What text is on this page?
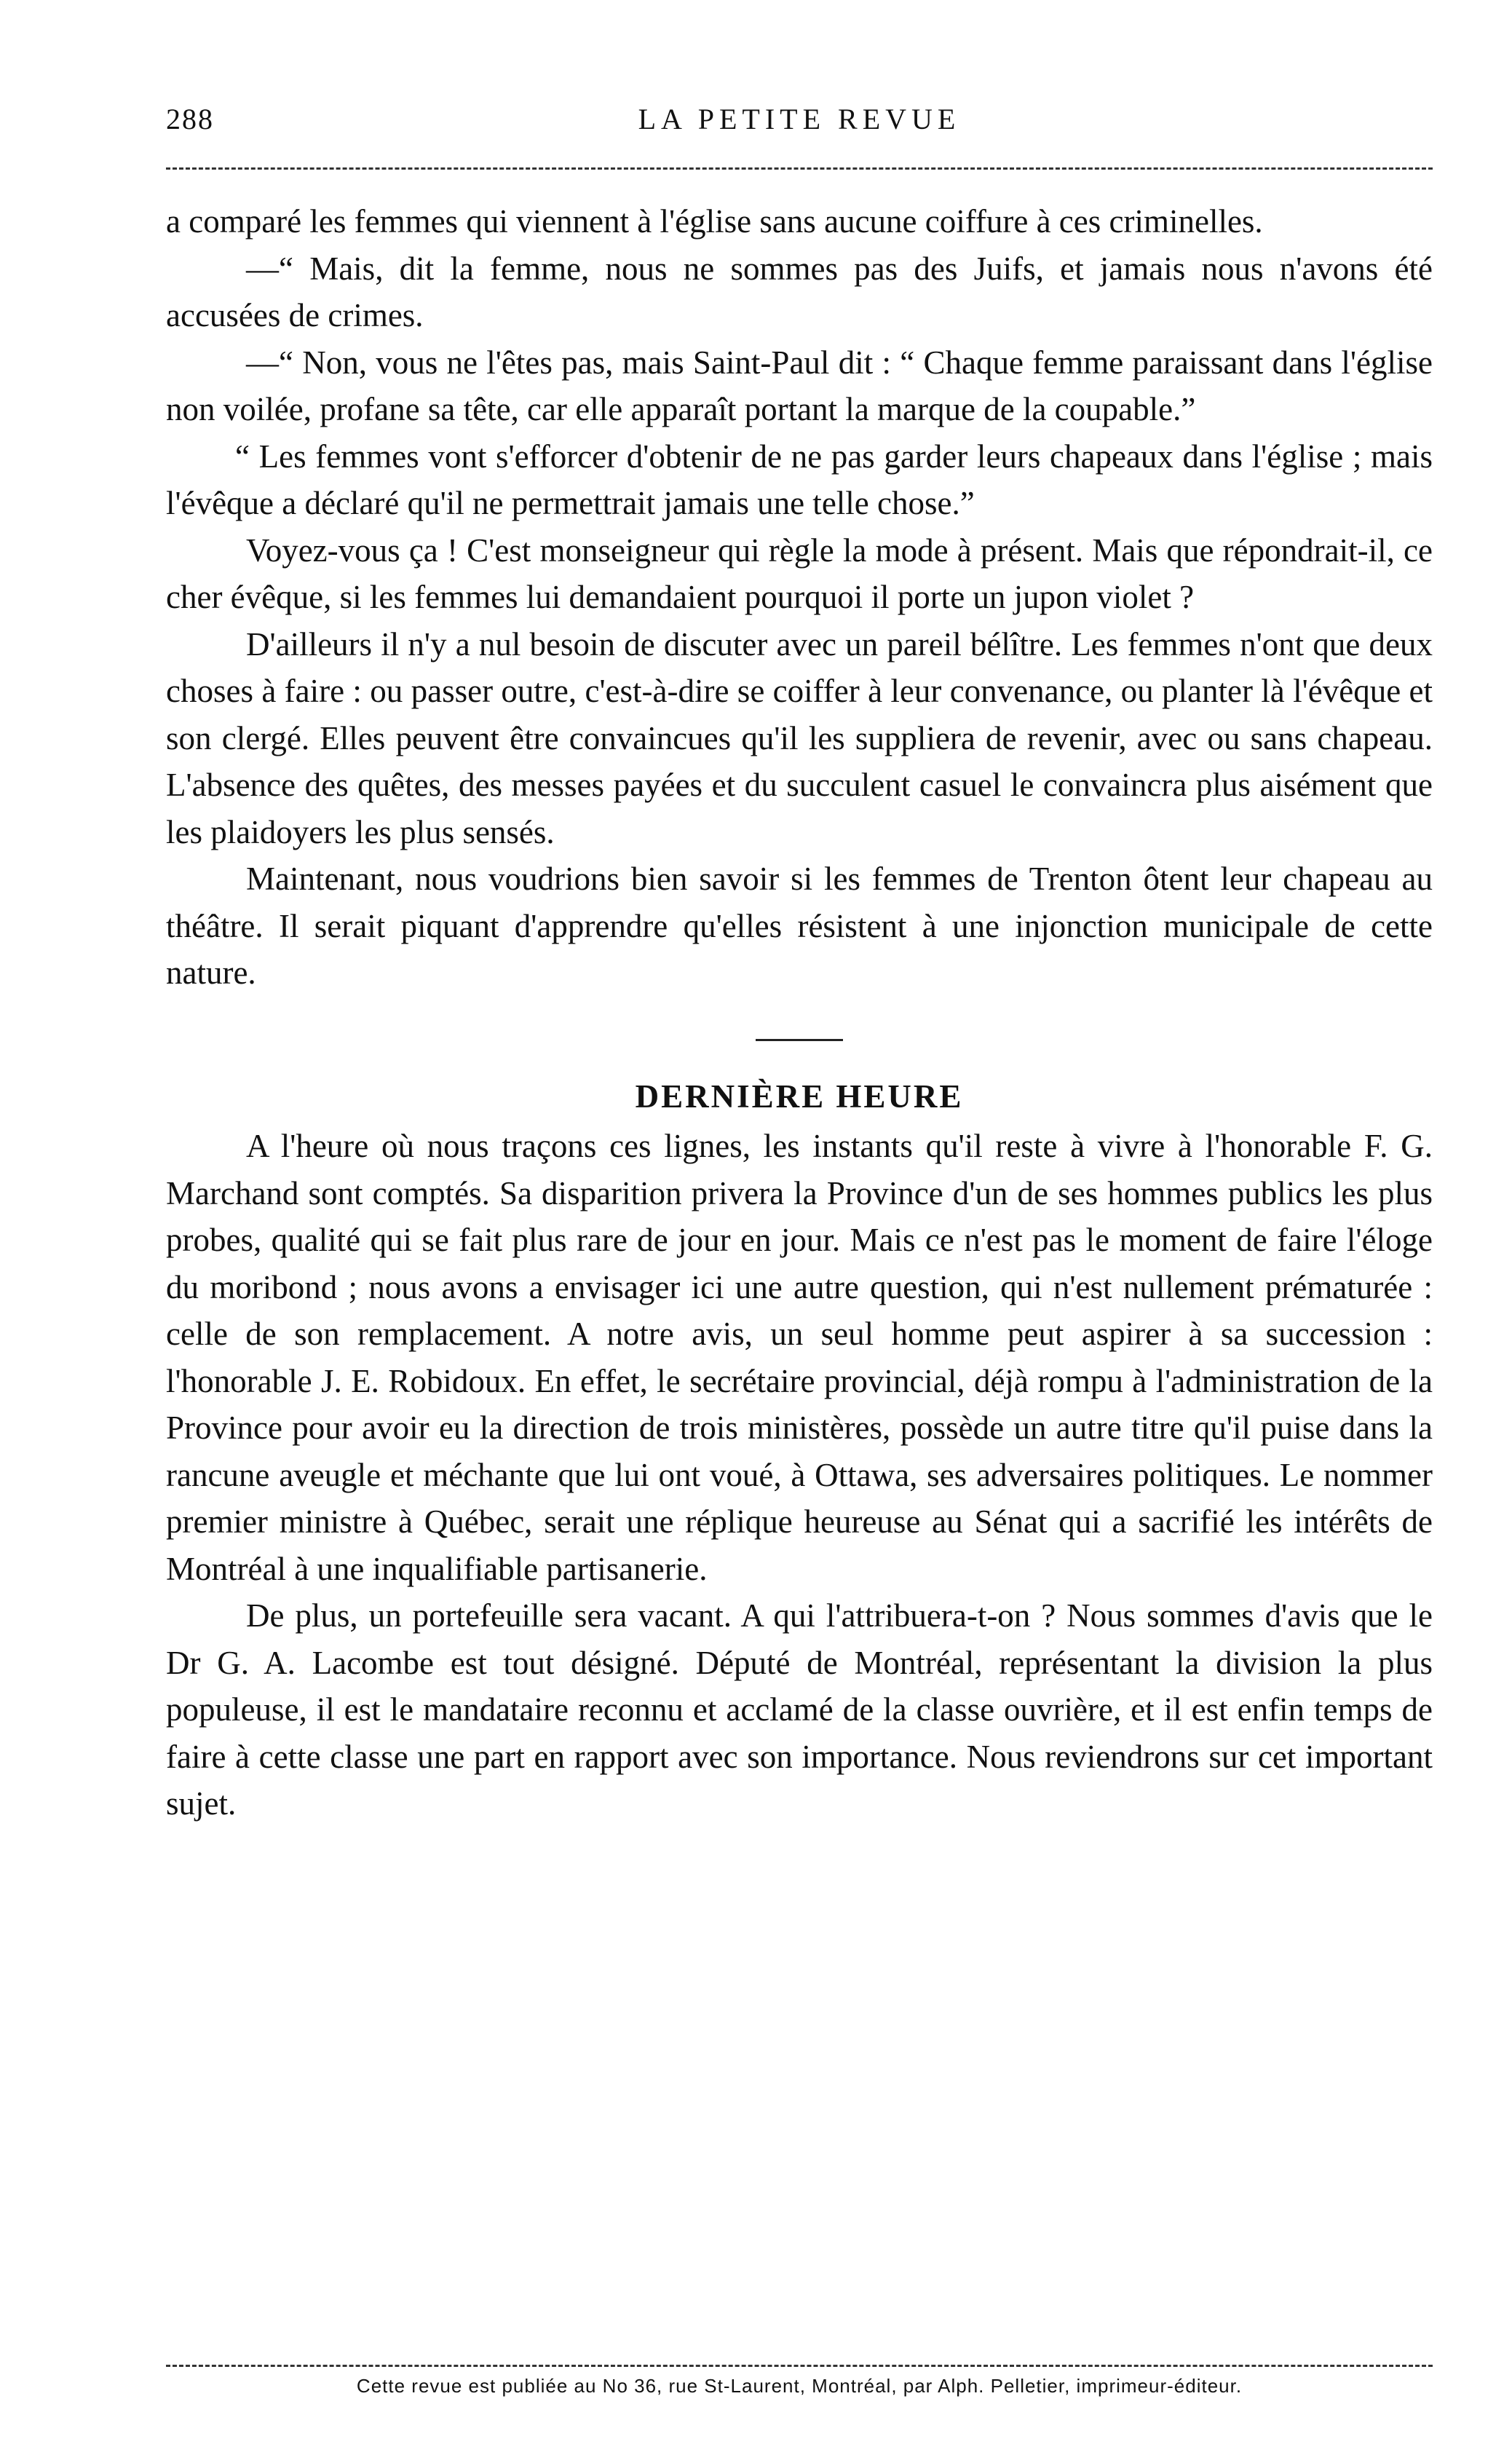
288	LA PETITE REVUE

a comparé les femmes qui viennent à l'église sans aucune coiffure à ces criminelles.

—“ Mais, dit la femme, nous ne sommes pas des Juifs, et jamais nous n'avons été accusées de crimes.

—“ Non, vous ne l'êtes pas, mais Saint-Paul dit : “ Chaque femme paraissant dans l'église non voilée, profane sa tête, car elle apparaît portant la marque de la coupable.”

“ Les femmes vont s'efforcer d'obtenir de ne pas garder leurs chapeaux dans l'église ; mais l'évêque a déclaré qu'il ne permettrait jamais une telle chose.”

Voyez-vous ça ! C'est monseigneur qui règle la mode à présent. Mais que répondrait-il, ce cher évêque, si les femmes lui demandaient pourquoi il porte un jupon violet ?

D'ailleurs il n'y a nul besoin de discuter avec un pareil bélître. Les femmes n'ont que deux choses à faire : ou passer outre, c'est-à-dire se coiffer à leur convenance, ou planter là l'évêque et son clergé. Elles peuvent être convaincues qu'il les suppliera de revenir, avec ou sans chapeau. L'absence des quêtes, des messes payées et du succulent casuel le convaincra plus aisément que les plaidoyers les plus sensés.

Maintenant, nous voudrions bien savoir si les femmes de Trenton ôtent leur chapeau au théâtre. Il serait piquant d'apprendre qu'elles résistent à une injonction municipale de cette nature.

DERNIÈRE HEURE

A l'heure où nous traçons ces lignes, les instants qu'il reste à vivre à l'honorable F. G. Marchand sont comptés. Sa disparition privera la Province d'un de ses hommes publics les plus probes, qualité qui se fait plus rare de jour en jour. Mais ce n'est pas le moment de faire l'éloge du moribond ; nous avons a envisager ici une autre question, qui n'est nullement prématurée : celle de son remplacement. A notre avis, un seul homme peut aspirer à sa succession : l'honorable J. E. Robidoux. En effet, le secrétaire provincial, déjà rompu à l'administration de la Province pour avoir eu la direction de trois ministères, possède un autre titre qu'il puise dans la rancune aveugle et méchante que lui ont voué, à Ottawa, ses adversaires politiques. Le nommer premier ministre à Québec, serait une réplique heureuse au Sénat qui a sacrifié les intérêts de Montréal à une inqualifiable partisanerie.

De plus, un portefeuille sera vacant. A qui l'attribuera-t-on ? Nous sommes d'avis que le Dr G. A. Lacombe est tout désigné. Député de Montréal, représentant la division la plus populeuse, il est le mandataire reconnu et acclamé de la classe ouvrière, et il est enfin temps de faire à cette classe une part en rapport avec son importance. Nous reviendrons sur cet important sujet.

Cette revue est publiée au No 36, rue St-Laurent, Montréal, par Alph. Pelletier, imprimeur-éditeur.
